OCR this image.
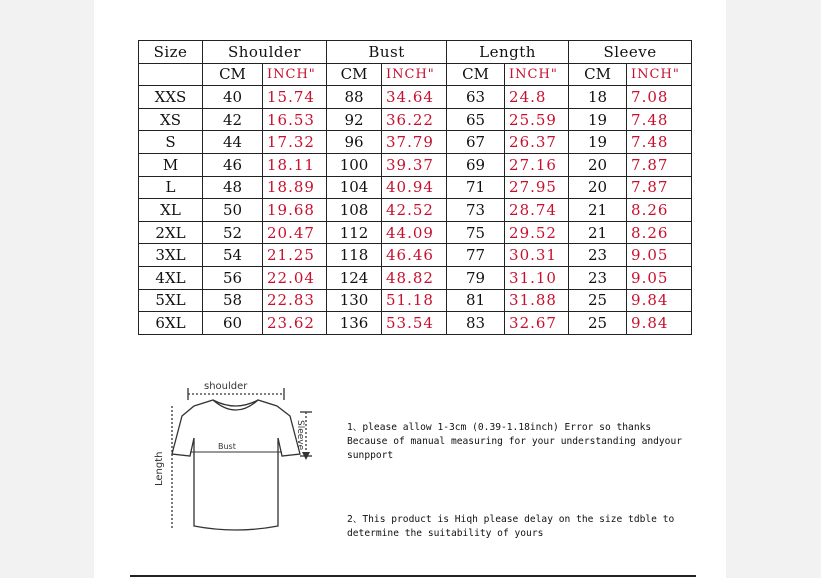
Size	Shoulder		Bust		Length		Sleeve	
	CM	INCH"	CM	INCH"	CM	INCH"	CM	INCH"
XXS	40	15.74	88	34.64	63	24.8	18	7.08
XS	42	16.53	92	36.22	65	25.59	19	7.48
S	44	17.32	96	37.79	67	26.37	19	7.48
M	46	18.11	100	39.37	69	27.16	20	7.87
L	48	18.89	104	40.94	71	27.95	20	7.87
XL	50	19.68	108	42.52	73	28.74	21	8.26
2XL	52	20.47	112	44.09	75	29.52	21	8.26
3XL	54	21.25	118	46.46	77	30.31	23	9.05
4XL	56	22.04	124	48.82	79	31.10	23	9.05
5XL	58	22.83	130	51.18	81	31.88	25	9.84
6XL	60	23.62	136	53.54	83	32.67	25	9.84
shoulder
Bust	Sleeve
Length
1、please allow 1-3cm (0.39-1.18inch) Error so thanks
Because of manual measuring for your understanding andyour
sunpport
2、This product is Hiqh please delay on the size tdble to
determine the suitability of yours
